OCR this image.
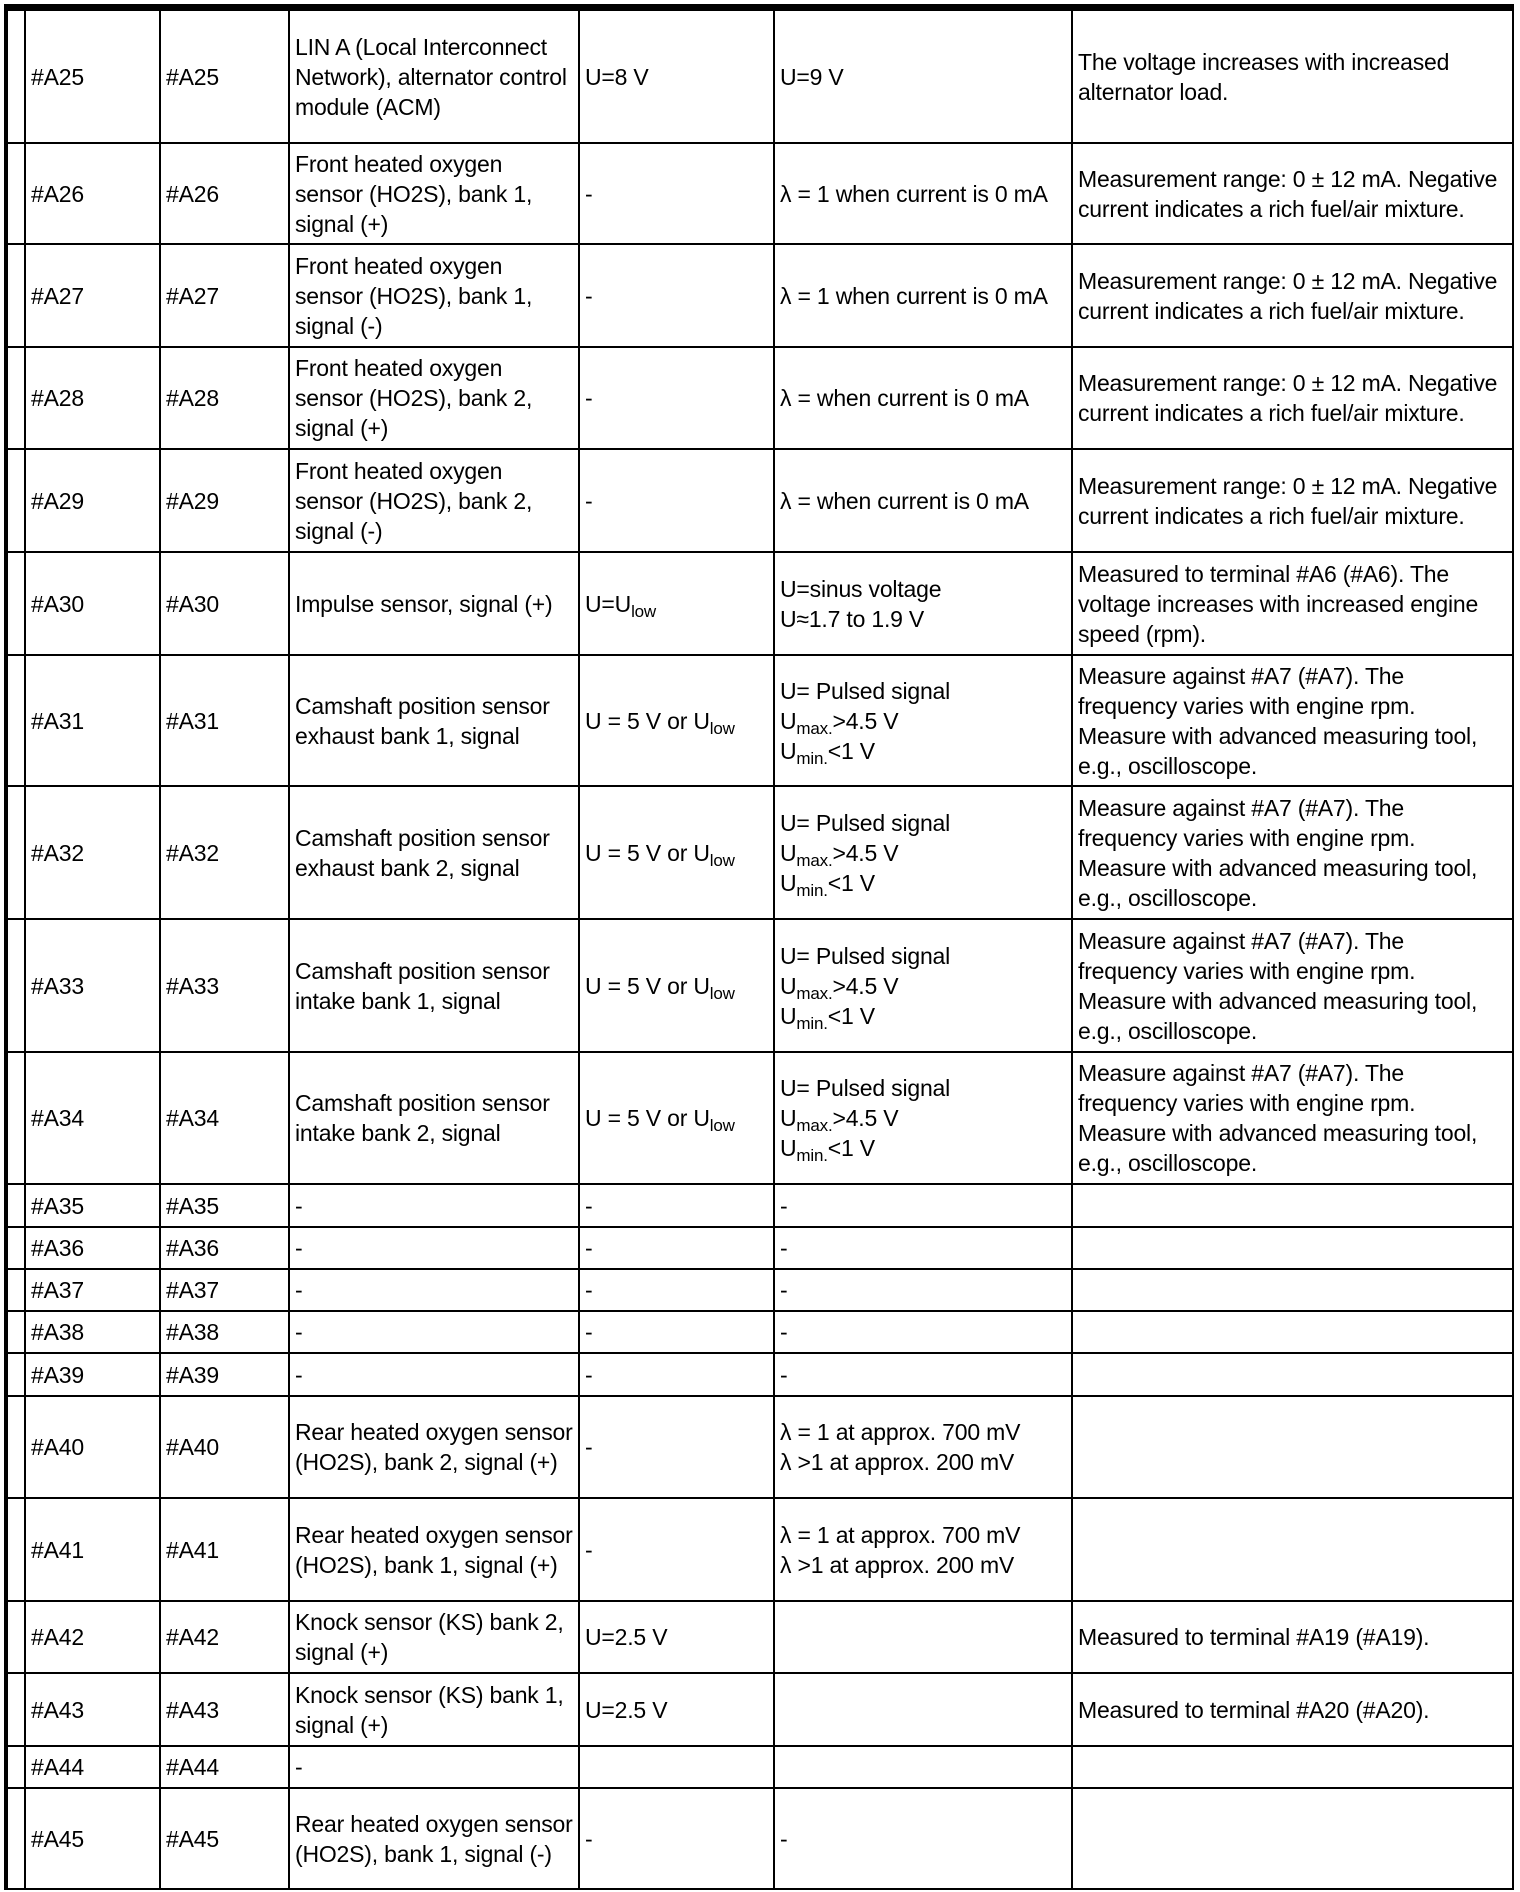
	#A25	#A25	LIN A (Local Interconnect Network), alternator control module (ACM)	U=8 V	U=9 V	The voltage increases with increased alternator load.
	#A26	#A26	Front heated oxygen sensor (HO2S), bank 1, signal (+)	-	λ = 1 when current is 0 mA	Measurement range: 0 ± 12 mA. Negative current indicates a rich fuel/air mixture.
	#A27	#A27	Front heated oxygen sensor (HO2S), bank 1, signal (-)	-	λ = 1 when current is 0 mA	Measurement range: 0 ± 12 mA. Negative current indicates a rich fuel/air mixture.
	#A28	#A28	Front heated oxygen sensor (HO2S), bank 2, signal (+)	-	λ = when current is 0 mA	Measurement range: 0 ± 12 mA. Negative current indicates a rich fuel/air mixture.
	#A29	#A29	Front heated oxygen sensor (HO2S), bank 2, signal (-)	-	λ = when current is 0 mA	Measurement range: 0 ± 12 mA. Negative current indicates a rich fuel/air mixture.
	#A30	#A30	Impulse sensor, signal (+)	$U=U_{low}$	U=sinus voltage
U≈1.7 to 1.9 V	Measured to terminal #A6 (#A6). The voltage increases with increased engine speed (rpm).
	#A31	#A31	Camshaft position sensor exhaust bank 1, signal	U = 5 V or $U_{low}$	U= Pulsed signal
$U_{max.}>4.5$ V
$U_{min.}<1$ V	Measure against #A7 (#A7). The frequency varies with engine rpm. Measure with advanced measuring tool, e.g., oscilloscope.
	#A32	#A32	Camshaft position sensor exhaust bank 2, signal	U = 5 V or $U_{low}$	U= Pulsed signal
$U_{max.}>4.5$ V
$U_{min.}<1$ V	Measure against #A7 (#A7). The frequency varies with engine rpm. Measure with advanced measuring tool, e.g., oscilloscope.
	#A33	#A33	Camshaft position sensor intake bank 1, signal	U = 5 V or $U_{low}$	U= Pulsed signal
$U_{max.}>4.5$ V
$U_{min.}<1$ V	Measure against #A7 (#A7). The frequency varies with engine rpm. Measure with advanced measuring tool, e.g., oscilloscope.
	#A34	#A34	Camshaft position sensor intake bank 2, signal	U = 5 V or $U_{low}$	U= Pulsed signal
$U_{max.}>4.5$ V
$U_{min.}<1$ V	Measure against #A7 (#A7). The frequency varies with engine rpm. Measure with advanced measuring tool, e.g., oscilloscope.
	#A35	#A35	-	-	-	

	#A36	#A36	-	-	-	

	#A37	#A37	-	-	-	

	#A38	#A38	-	-	-	

	#A39	#A39	-	-	-	

	#A40	#A40	Rear heated oxygen sensor (HO2S), bank 2, signal (+)	-	λ = 1 at approx. 700 mV
λ >1 at approx. 200 mV	

	#A41	#A41	Rear heated oxygen sensor (HO2S), bank 1, signal (+)	-	λ = 1 at approx. 700 mV
λ >1 at approx. 200 mV	

	#A42	#A42	Knock sensor (KS) bank 2, signal (+)	U=2.5 V		Measured to terminal #A19 (#A19).
	#A43	#A43	Knock sensor (KS) bank 1, signal (+)	U=2.5 V		Measured to terminal #A20 (#A20).
	#A44	#A44	-			
	#A45	#A45	Rear heated oxygen sensor (HO2S), bank 1, signal (-)	-	-	
